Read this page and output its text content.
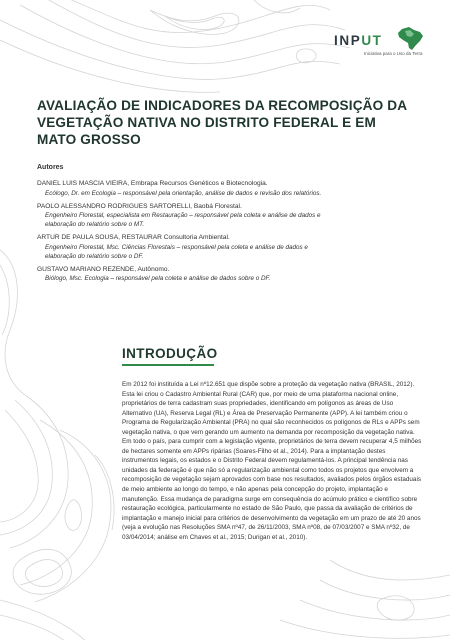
INPUT
Iniciativa para o Uso da Terra
AVALIAÇÃO DE INDICADORES DA RECOMPOSIÇÃO DA VEGETAÇÃO NATIVA NO DISTRITO FEDERAL E EM MATO GROSSO
Autores
DANIEL LUIS MASCIA VIEIRA, Embrapa Recursos Genéticos e Biotecnologia.
Ecólogo, Dr. em Ecologia – responsável pela orientação, análise de dados e revisão dos relatórios.
PAOLO ALESSANDRO RODRIGUES SARTORELLI, Baobá Florestal.
Engenheiro Florestal, especialista em Restauração – responsável pela coleta e análise de dados e elaboração do relatório sobre o MT.
ARTUR DE PAULA SOUSA, RESTAURAR Consultoria Ambiental.
Engenheiro Florestal, Msc. Ciências Florestais – responsável pela coleta e análise de dados e elaboração do relatório sobre o DF.
GUSTAVO MARIANO REZENDE, Autônomo.
Biólogo, Msc. Ecologia – responsável pela coleta e análise de dados sobre o DF.
INTRODUÇÃO

Em 2012 foi instituída a Lei nº12.651 que dispõe sobre a proteção da vegetação nativa (BRASIL, 2012). Esta lei criou o Cadastro Ambiental Rural (CAR) que, por meio de uma plataforma nacional online, proprietários de terra cadastram suas propriedades, identificando em polígonos as áreas de Uso Alternativo (UA), Reserva Legal (RL) e Área de Preservação Permanente (APP). A lei também criou o Programa de Regularização Ambiental (PRA) no qual são reconhecidos os polígonos de RLs e APPs sem vegetação nativa, o que vem gerando um aumento na demanda por recomposição da vegetação nativa. Em todo o país, para cumprir com a legislação vigente, proprietários de terra devem recuperar 4,5 milhões de hectares somente em APPs ripárias (Soares-Filho et al., 2014). Para a implantação destes instrumentos legais, os estados e o Distrito Federal devem regulamentá-los. A principal tendência nas unidades da federação é que não só a regularização ambiental como todos os projetos que envolvem a recomposição de vegetação sejam aprovados com base nos resultados, avaliados pelos órgãos estaduais de meio ambiente ao longo do tempo, e não apenas pela concepção do projeto, implantação e manutenção. Essa mudança de paradigma surge em consequência do acúmulo prático e científico sobre restauração ecológica, particularmente no estado de São Paulo, que passa da avaliação de critérios de implantação e manejo inicial para critérios de desenvolvimento da vegetação em um prazo de até 20 anos (veja a evolução nas Resoluções SMA nº47, de 26/11/2003, SMA nº08, de 07/03/2007 e SMA nº32, de 03/04/2014; análise em Chaves et al., 2015; Durigan et al., 2010).
